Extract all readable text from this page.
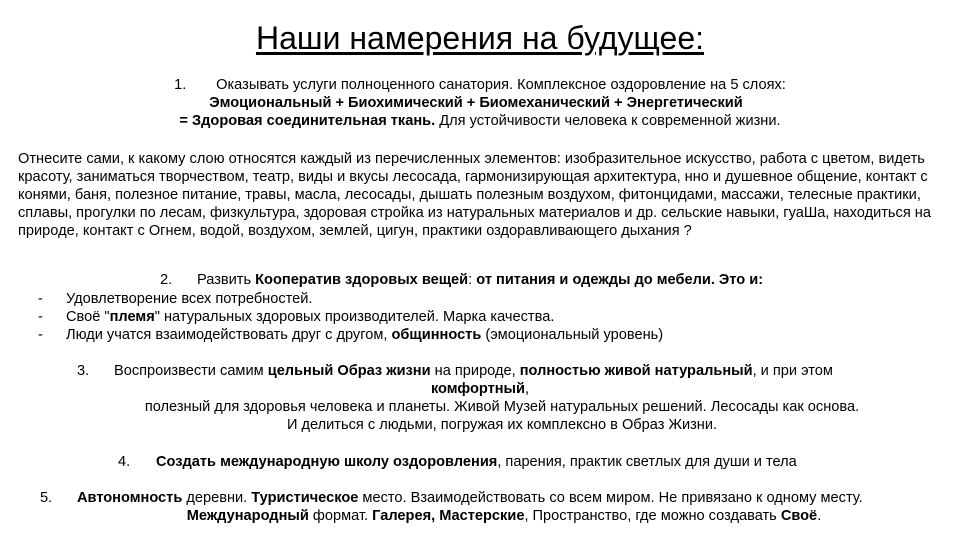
Наши намерения на будущее:
1. Оказывать услуги полноценного санатория. Комплексное оздоровление на 5 слоях:
Эмоциональный + Биохимический + Биомеханический + Энергетический
= Здоровая соединительная ткань. Для устойчивости человека к современной жизни.
Отнесите сами, к какому слою относятся каждый из перечисленных элементов: изобразительное искусство, работа с цветом, видеть красоту, заниматься творчеством, театр, виды и вкусы лесосада, гармонизирующая архитектура, нно и душевное общение, контакт с конями, баня, полезное питание, травы, масла, лесосады, дышать полезным воздухом, фитонцидами, массажи, телесные практики, сплавы, прогулки по лесам, физкультура, здоровая стройка из натуральных материалов и др. сельские навыки, гуаШа, находиться на природе, контакт с Огнем, водой, воздухом, землей, цигун, практики оздоравливающего дыхания ?
2. Развить Кооператив здоровых вещей: от питания и одежды до мебели. Это и:
- Удовлетворение всех потребностей.
- Своё "племя" натуральных здоровых производителей. Марка качества.
- Люди учатся взаимодействовать друг с другом, общинность (эмоциональный уровень)
3. Воспроизвести самим цельный Образ жизни на природе, полностью живой натуральный, и при этом
комфортный,
полезный для здоровья человека и планеты. Живой Музей натуральных решений. Лесосады как основа.
И делиться с людьми, погружая их комплексно в Образ Жизни.
4. Создать международную школу оздоровления, парения, практик светлых для души и тела
5. Автономность деревни. Туристическое место. Взаимодействовать со всем миром. Не привязано к одному месту.
Международный формат. Галерея, Мастерские, Пространство, где можно создавать Своё.
